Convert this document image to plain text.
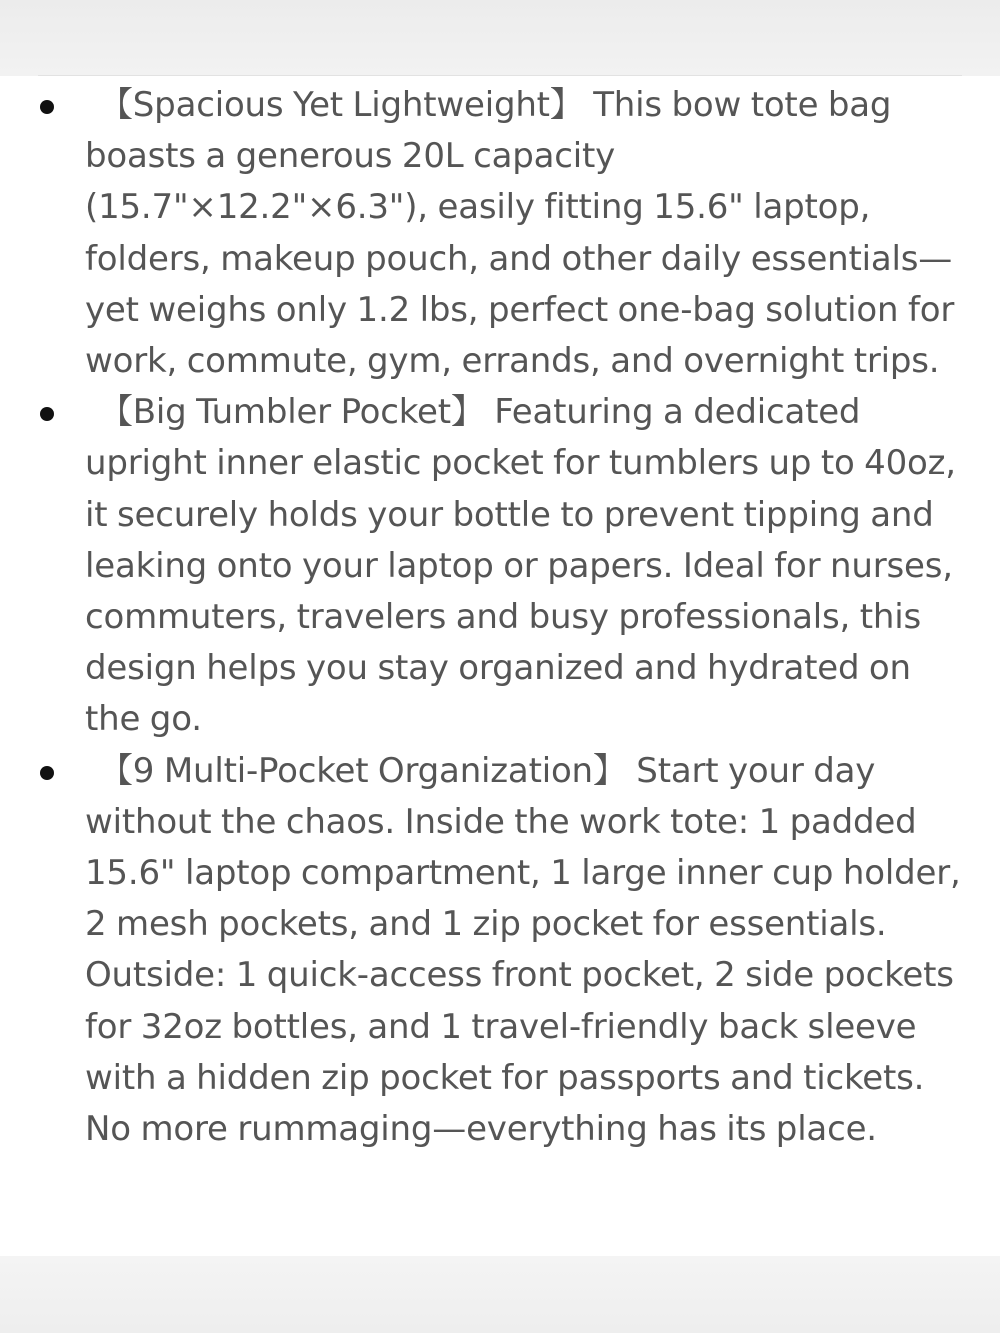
【Spacious Yet Lightweight】 This bow tote bag boasts a generous 20L capacity (15.7"×12.2"×6.3"), easily fitting 15.6" laptop, folders, makeup pouch, and other daily essentials—yet weighs only 1.2 lbs, perfect one-bag solution for work, commute, gym, errands, and overnight trips.
【Big Tumbler Pocket】 Featuring a dedicated upright inner elastic pocket for tumblers up to 40oz, it securely holds your bottle to prevent tipping and leaking onto your laptop or papers. Ideal for nurses, commuters, travelers and busy professionals, this design helps you stay organized and hydrated on the go.
【9 Multi-Pocket Organization】 Start your day without the chaos. Inside the work tote: 1 padded 15.6" laptop compartment, 1 large inner cup holder, 2 mesh pockets, and 1 zip pocket for essentials. Outside: 1 quick-access front pocket, 2 side pockets for 32oz bottles, and 1 travel-friendly back sleeve with a hidden zip pocket for passports and tickets. No more rummaging—everything has its place.
